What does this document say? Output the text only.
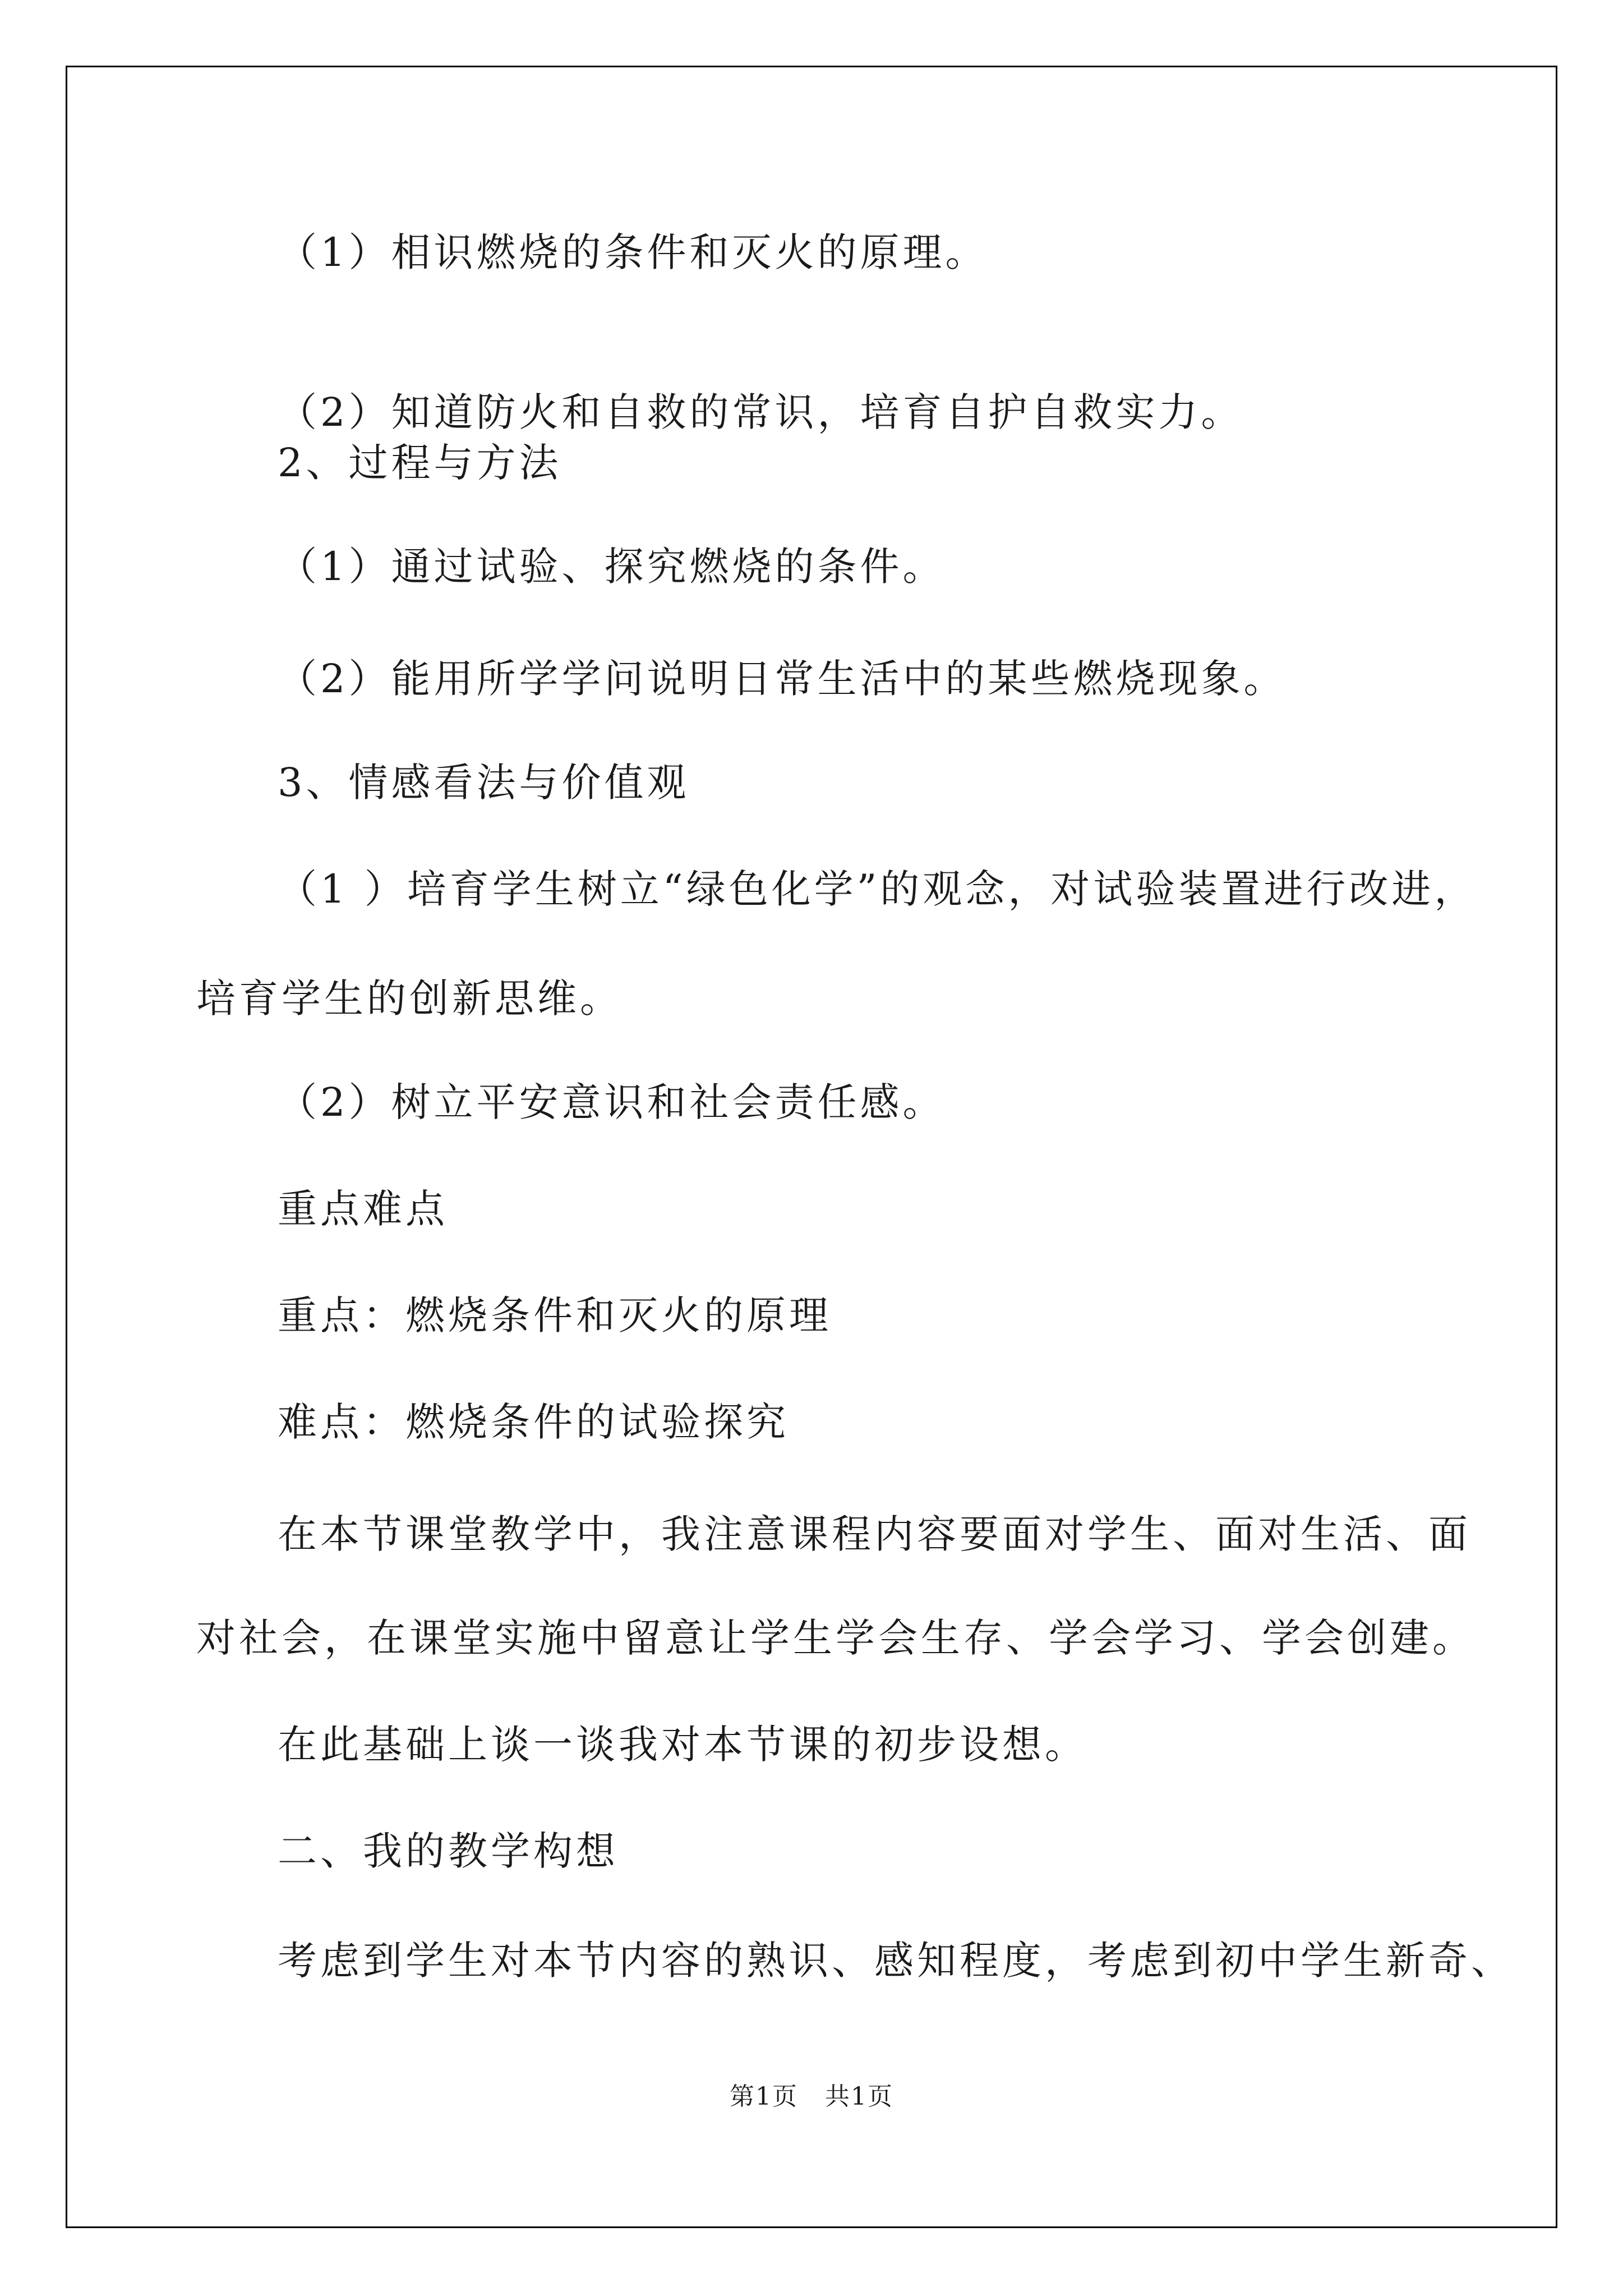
（1）相识燃烧的条件和灭火的原理。
（2）知道防火和自救的常识，培育自护自救实力。
2、过程与方法
（1）通过试验、探究燃烧的条件。
（2）能用所学学问说明日常生活中的某些燃烧现象。
3、情感看法与价值观
（1 ）培育学生树立“绿色化学”的观念，对试验装置进行改进，
培育学生的创新思维。
（2）树立平安意识和社会责任感。
重点难点
重点：燃烧条件和灭火的原理
难点：燃烧条件的试验探究
在本节课堂教学中，我注意课程内容要面对学生、面对生活、面
对社会，在课堂实施中留意让学生学会生存、学会学习、学会创建。
在此基础上谈一谈我对本节课的初步设想。
二、我的教学构想
考虑到学生对本节内容的熟识、感知程度，考虑到初中学生新奇、
第1页   共1页
